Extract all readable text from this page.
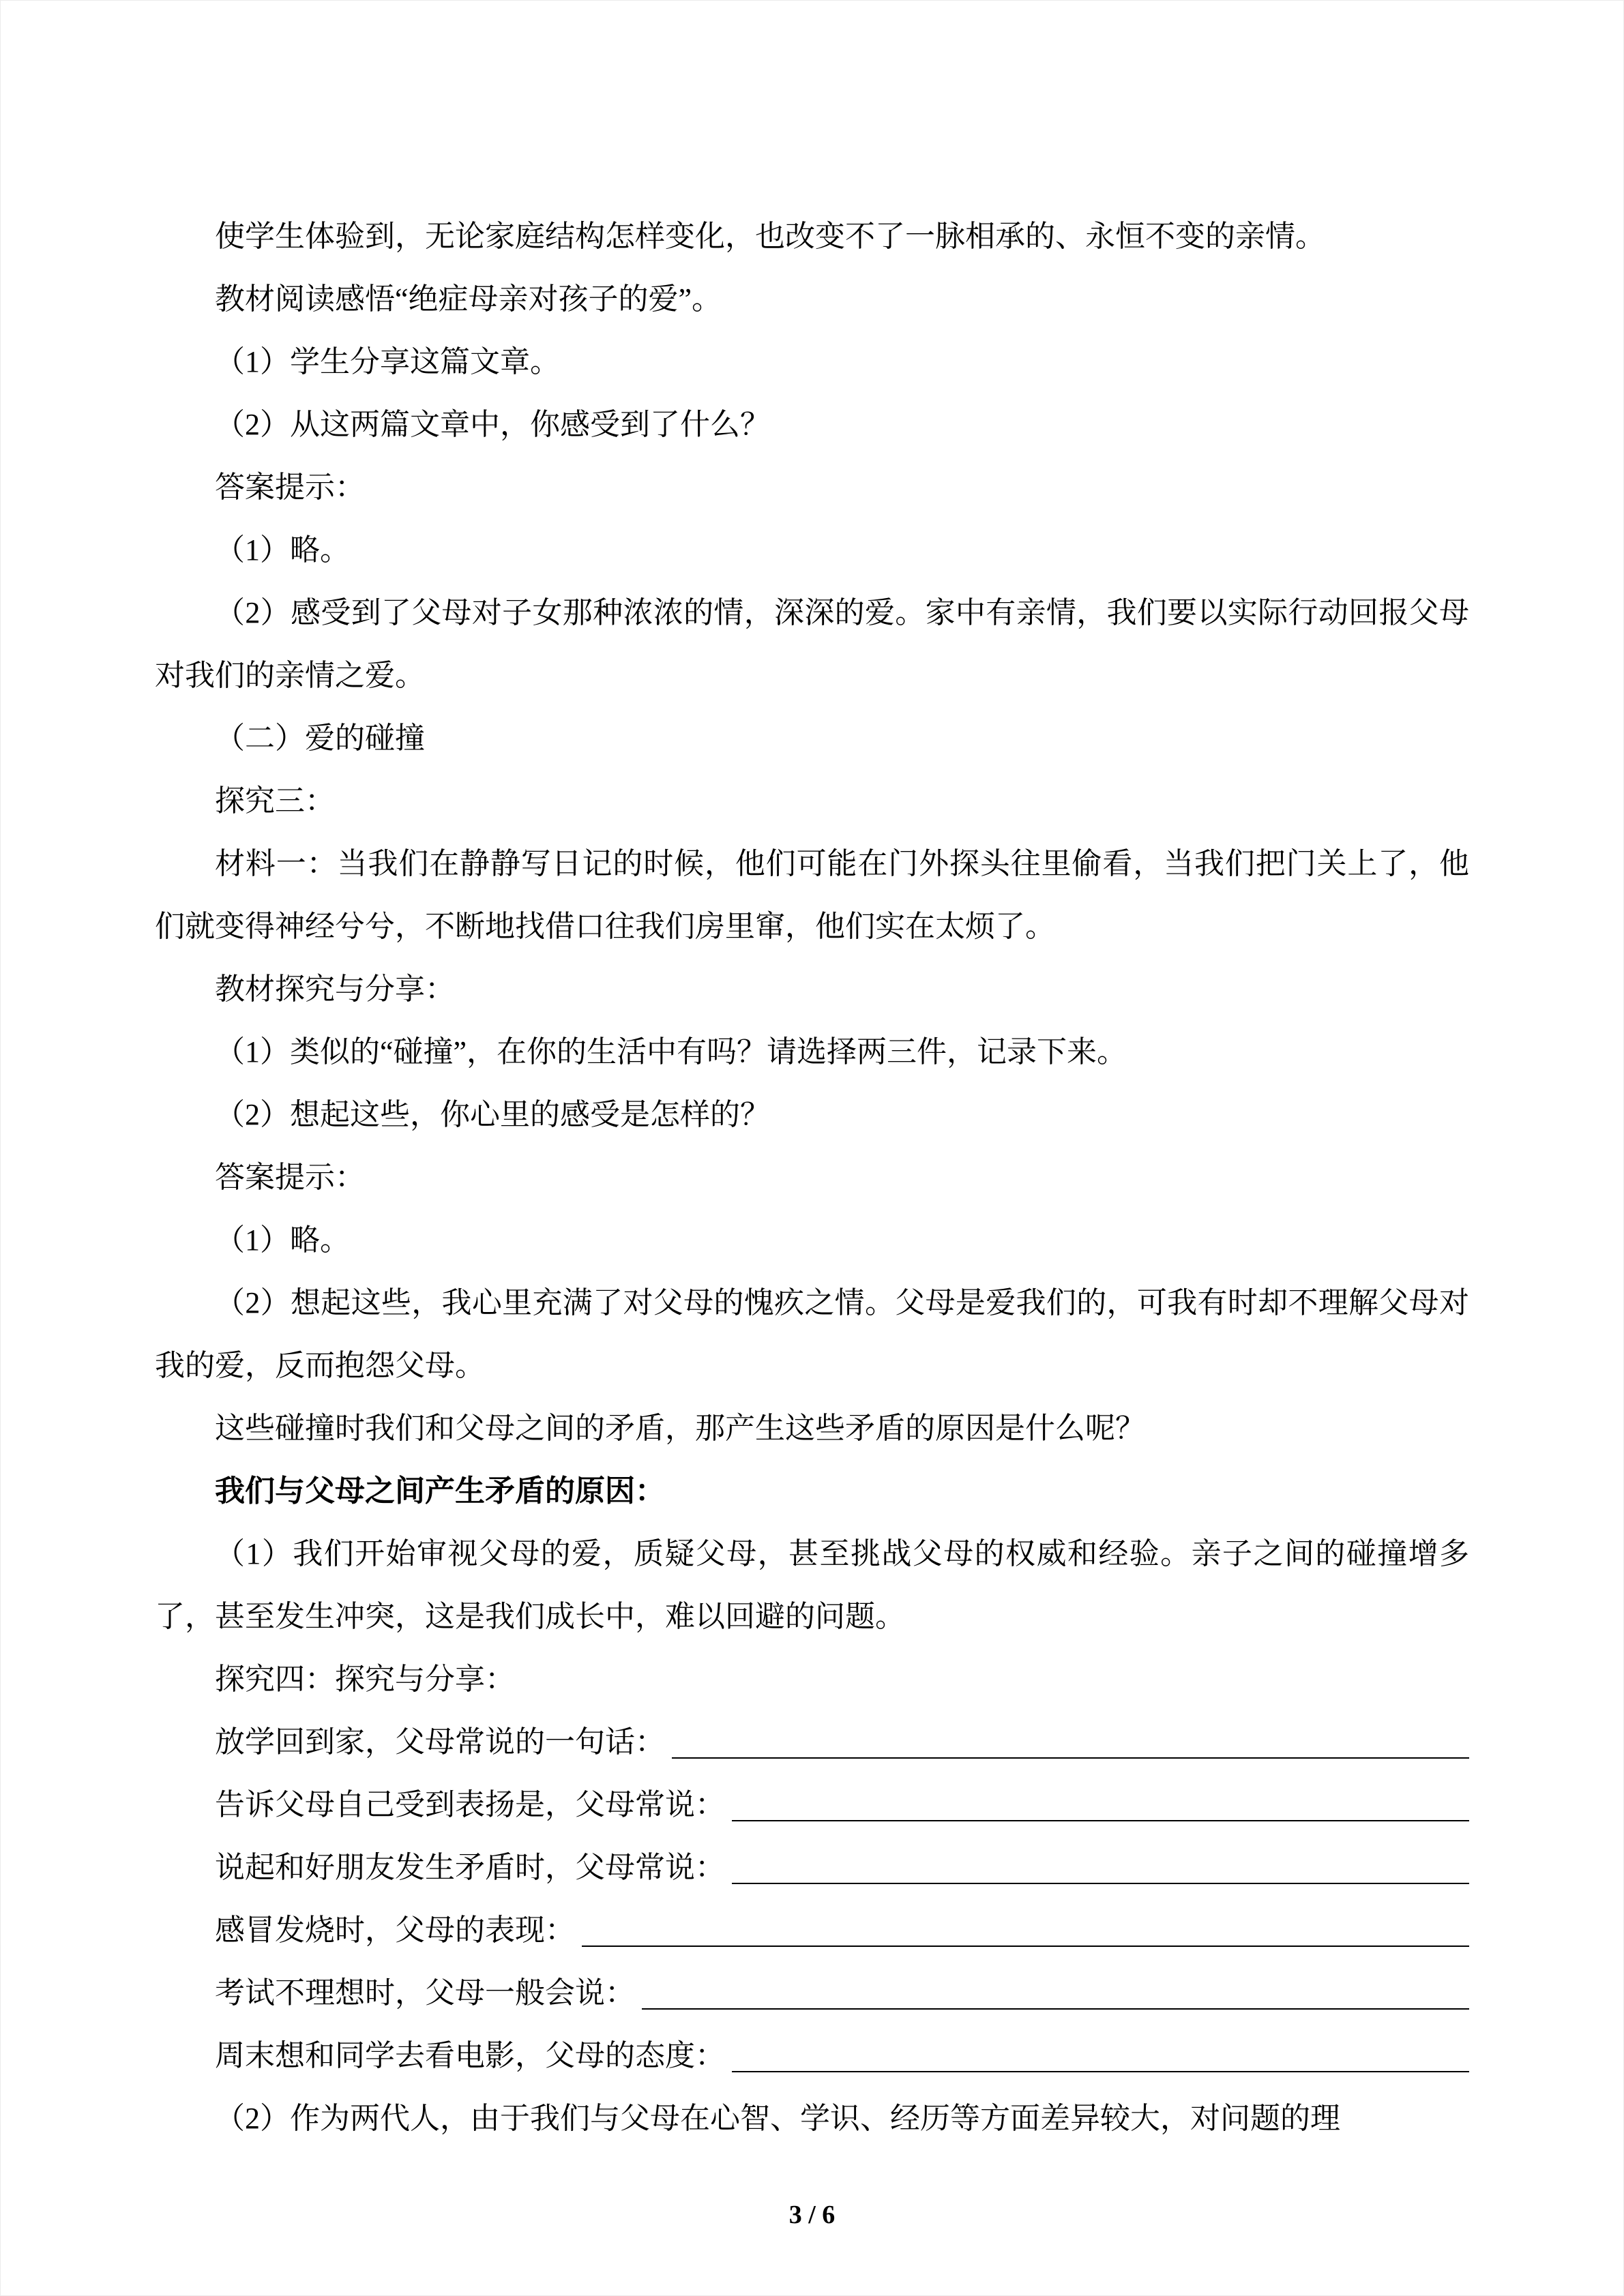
使学生体验到，无论家庭结构怎样变化，也改变不了一脉相承的、永恒不变的亲情。

教材阅读感悟“绝症母亲对孩子的爱”。

（1）学生分享这篇文章。

（2）从这两篇文章中，你感受到了什么？

答案提示：

（1）略。

（2）感受到了父母对子女那种浓浓的情，深深的爱。家中有亲情，我们要以实际行动回报父母对我们的亲情之爱。

（二）爱的碰撞

探究三：

材料一：当我们在静静写日记的时候，他们可能在门外探头往里偷看，当我们把门关上了，他们就变得神经兮兮，不断地找借口往我们房里窜，他们实在太烦了。

教材探究与分享：

（1）类似的“碰撞”，在你的生活中有吗？请选择两三件，记录下来。

（2）想起这些，你心里的感受是怎样的？

答案提示：

（1）略。

（2）想起这些，我心里充满了对父母的愧疚之情。父母是爱我们的，可我有时却不理解父母对我的爱，反而抱怨父母。

这些碰撞时我们和父母之间的矛盾，那产生这些矛盾的原因是什么呢？

我们与父母之间产生矛盾的原因：

（1）我们开始审视父母的爱，质疑父母，甚至挑战父母的权威和经验。亲子之间的碰撞增多了，甚至发生冲突，这是我们成长中，难以回避的问题。

探究四：探究与分享：

放学回到家，父母常说的一句话：

告诉父母自己受到表扬是，父母常说：

说起和好朋友发生矛盾时，父母常说：

感冒发烧时，父母的表现：

考试不理想时，父母一般会说：

周末想和同学去看电影，父母的态度：

（2）作为两代人，由于我们与父母在心智、学识、经历等方面差异较大，对问题的理

3 / 6
